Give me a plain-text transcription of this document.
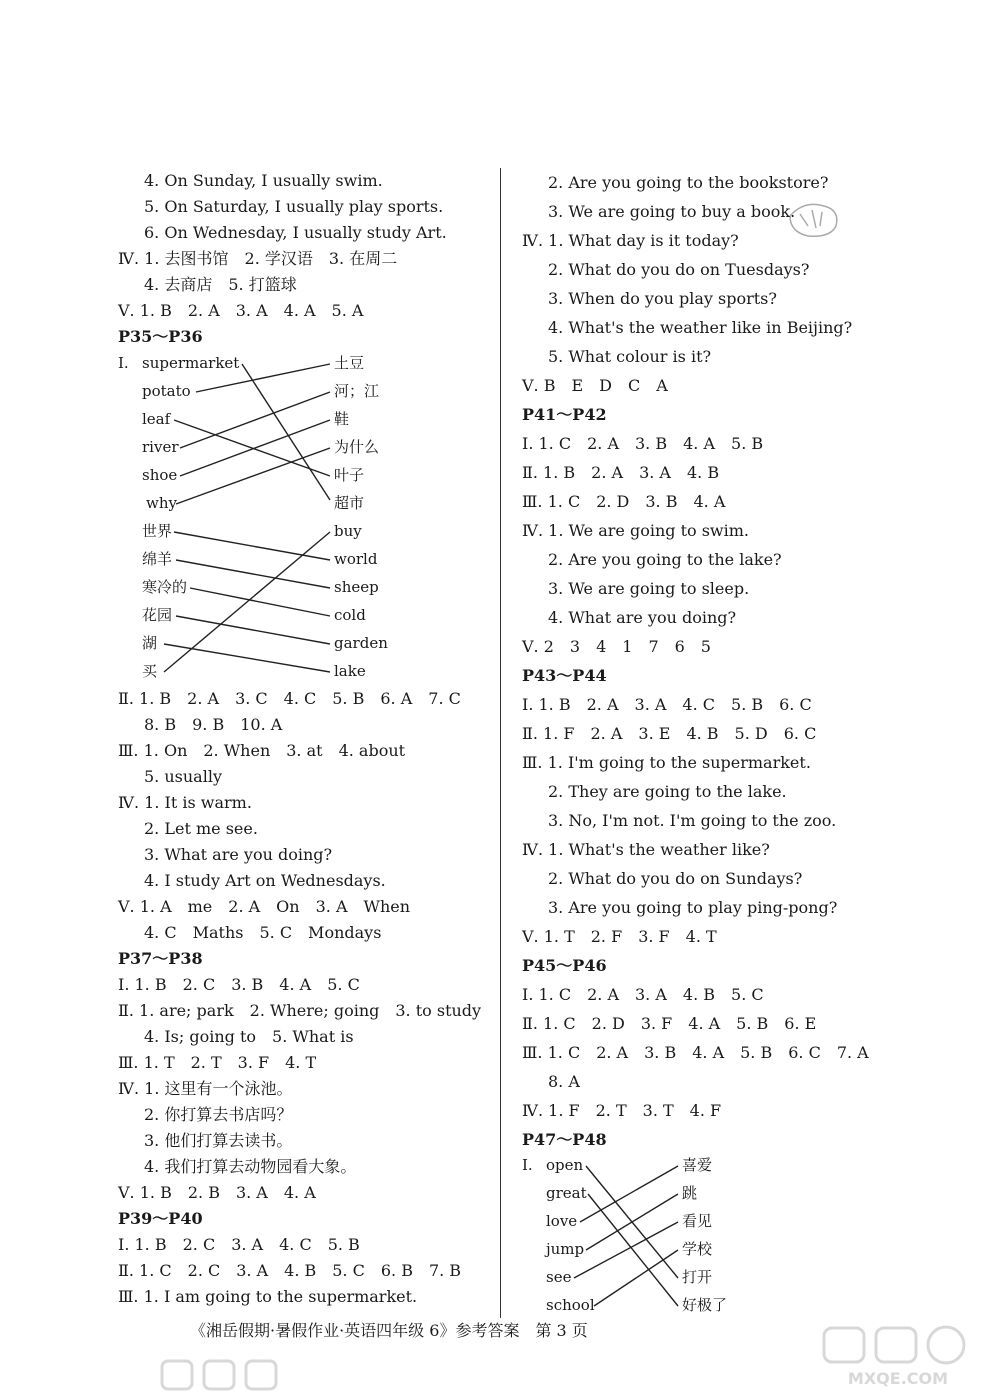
4. On Sunday, I usually swim.
5. On Saturday, I usually play sports.
6. On Wednesday, I usually study Art.
Ⅳ. 1. 去图书馆　2. 学汉语　3. 在周二
4. 去商店　5. 打篮球
Ⅴ. 1. B　2. A　3. A　4. A　5. A
P35～P36
Ⅰ. supermarket
potato
leaf
river
shoe
why
土豆
河；江
鞋
为什么
叶子
超市
世界
绵羊
寒冷的
花园
湖
买
buy
world
sheep
cold
garden
lake
Ⅱ. 1. B　2. A　3. C　4. C　5. B　6. A　7. C
8. B　9. B　10. A
Ⅲ. 1. On　2. When　3. at　4. about
5. usually
Ⅳ. 1. It is warm.
2. Let me see.
3. What are you doing?
4. I study Art on Wednesdays.
Ⅴ. 1. A　me　2. A　On　3. A　When
4. C　Maths　5. C　Mondays
P37～P38
Ⅰ. 1. B　2. C　3. B　4. A　5. C
Ⅱ. 1. are; park　2. Where; going　3. to study
4. Is; going to　5. What is
Ⅲ. 1. T　2. T　3. F　4. T
Ⅳ. 1. 这里有一个泳池。
2. 你打算去书店吗？
3. 他们打算去读书。
4. 我们打算去动物园看大象。
Ⅴ. 1. B　2. B　3. A　4. A
P39～P40
Ⅰ. 1. B　2. C　3. A　4. C　5. B
Ⅱ. 1. C　2. C　3. A　4. B　5. C　6. B　7. B
Ⅲ. 1. I am going to the supermarket.
2. Are you going to the bookstore?
3. We are going to buy a book.
Ⅳ. 1. What day is it today?
2. What do you do on Tuesdays?
3. When do you play sports?
4. What's the weather like in Beijing?
5. What colour is it?
Ⅴ. B　E　D　C　A
P41～P42
Ⅰ. 1. C　2. A　3. B　4. A　5. B
Ⅱ. 1. B　2. A　3. A　4. B
Ⅲ. 1. C　2. D　3. B　4. A
Ⅳ. 1. We are going to swim.
2. Are you going to the lake?
3. We are going to sleep.
4. What are you doing?
Ⅴ. 2　3　4　1　7　6　5
P43～P44
Ⅰ. 1. B　2. A　3. A　4. C　5. B　6. C
Ⅱ. 1. F　2. A　3. E　4. B　5. D　6. C
Ⅲ. 1. I'm going to the supermarket.
2. They are going to the lake.
3. No, I'm not. I'm going to the zoo.
Ⅳ. 1. What's the weather like?
2. What do you do on Sundays?
3. Are you going to play ping-pong?
Ⅴ. 1. T　2. F　3. F　4. T
P45～P46
Ⅰ. 1. C　2. A　3. A　4. B　5. C
Ⅱ. 1. C　2. D　3. F　4. A　5. B　6. E
Ⅲ. 1. C　2. A　3. B　4. A　5. B　6. C　7. A
8. A
Ⅳ. 1. F　2. T　3. T　4. F
P47～P48
Ⅰ. open
great
love
jump
see
school
喜爱
跳
看见
学校
打开
好极了
《湘岳假期·暑假作业·英语四年级 6》参考答案　第 3 页
MXQE.COM
